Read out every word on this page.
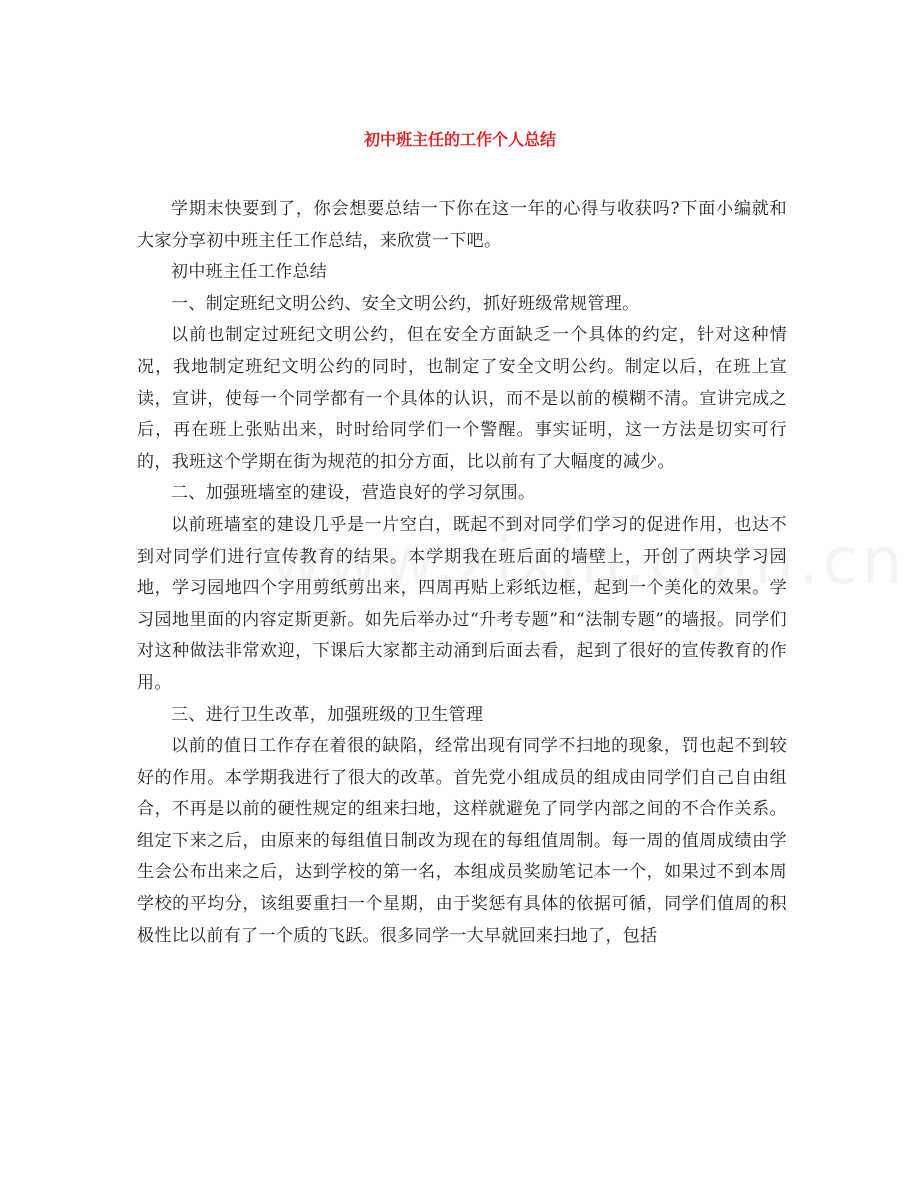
初中班主任的工作个人总结

学期末快要到了，你会想要总结一下你在这一年的心得与收获吗?下面小编就和大家分享初中班主任工作总结，来欣赏一下吧。

初中班主任工作总结

一、制定班纪文明公约、安全文明公约，抓好班级常规管理。

以前也制定过班纪文明公约，但在安全方面缺乏一个具体的约定，针对这种情况，我地制定班纪文明公约的同时，也制定了安全文明公约。制定以后，在班上宣读，宣讲，使每一个同学都有一个具体的认识，而不是以前的模糊不清。宣讲完成之后，再在班上张贴出来，时时给同学们一个警醒。事实证明，这一方法是切实可行的，我班这个学期在街为规范的扣分方面，比以前有了大幅度的减少。

二、加强班墙室的建设，营造良好的学习氛围。

以前班墙室的建设几乎是一片空白，既起不到对同学们学习的促进作用，也达不到对同学们进行宣传教育的结果。本学期我在班后面的墙壁上，开创了两块学习园地，学习园地四个字用剪纸剪出来，四周再贴上彩纸边框，起到一个美化的效果。学习园地里面的内容定斯更新。如先后举办过“升考专题”和“法制专题”的墙报。同学们对这种做法非常欢迎，下课后大家都主动涌到后面去看，起到了很好的宣传教育的作用。

三、进行卫生改革，加强班级的卫生管理

以前的值日工作存在着很的缺陷，经常出现有同学不扫地的现象，罚也起不到较好的作用。本学期我进行了很大的改革。首先党小组成员的组成由同学们自己自由组合，不再是以前的硬性规定的组来扫地，这样就避免了同学内部之间的不合作关系。组定下来之后，由原来的每组值日制改为现在的每组值周制。每一周的值周成绩由学生会公布出来之后，达到学校的第一名，本组成员奖励笔记本一个，如果过不到本周学校的平均分，该组要重扫一个星期，由于奖惩有具体的依据可循，同学们值周的积极性比以前有了一个质的飞跃。很多同学一大早就回来扫地了，包括
